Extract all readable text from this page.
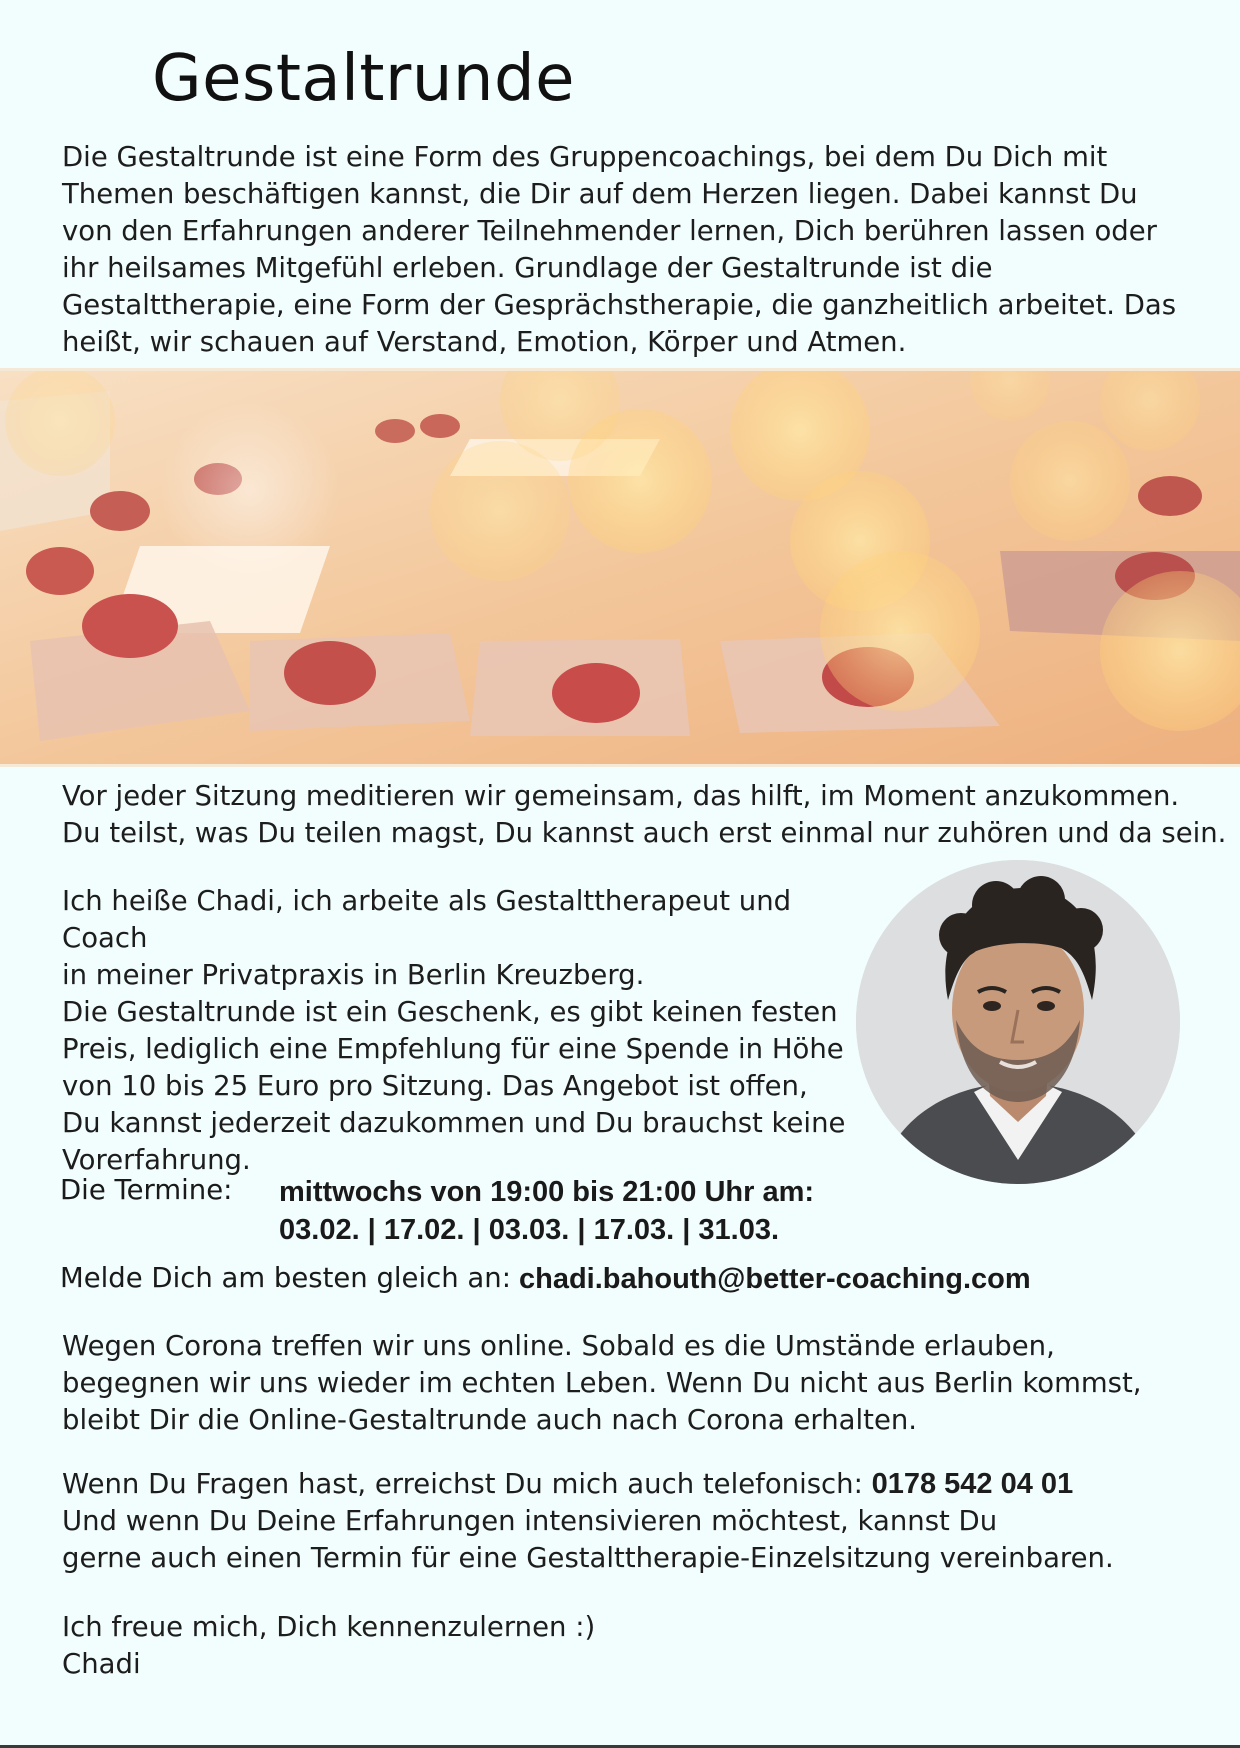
Gestaltrunde

Die Gestaltrunde ist eine Form des Gruppencoachings, bei dem Du Dich mit Themen beschäftigen kannst, die Dir auf dem Herzen liegen. Dabei kannst Du von den Erfahrungen anderer Teilnehmender lernen, Dich berühren lassen oder ihr heilsames Mitgefühl erleben. Grundlage der Gestaltrunde ist die Gestalttherapie, eine Form der Gesprächstherapie, die ganzheitlich arbeitet. Das heißt, wir schauen auf Verstand, Emotion, Körper und Atmen.

Vor jeder Sitzung meditieren wir gemeinsam, das hilft, im Moment anzukommen.
Du teilst, was Du teilen magst, Du kannst auch erst einmal nur zuhören und da sein.

Ich heiße Chadi, ich arbeite als Gestalttherapeut und Coach
in meiner Privatpraxis in Berlin Kreuzberg.
Die Gestaltrunde ist ein Geschenk, es gibt keinen festen
Preis, lediglich eine Empfehlung für eine Spende in Höhe
von 10 bis 25 Euro pro Sitzung. Das Angebot ist offen,
Du kannst jederzeit dazukommen und Du brauchst keine
Vorerfahrung.

Die Termine: mittwochs von 19:00 bis 21:00 Uhr am:

03.02. | 17.02. | 03.03. | 17.03. | 31.03.

Melde Dich am besten gleich an: chadi.bahouth@better-coaching.com

Wegen Corona treffen wir uns online. Sobald es die Umstände erlauben,
begegnen wir uns wieder im echten Leben. Wenn Du nicht aus Berlin kommst,
bleibt Dir die Online-Gestaltrunde auch nach Corona erhalten.

Wenn Du Fragen hast, erreichst Du mich auch telefonisch: 0178 542 04 01

Und wenn Du Deine Erfahrungen intensivieren möchtest, kannst Du
gerne auch einen Termin für eine Gestalttherapie-Einzelsitzung vereinbaren.

Ich freue mich, Dich kennenzulernen :)
Chadi
